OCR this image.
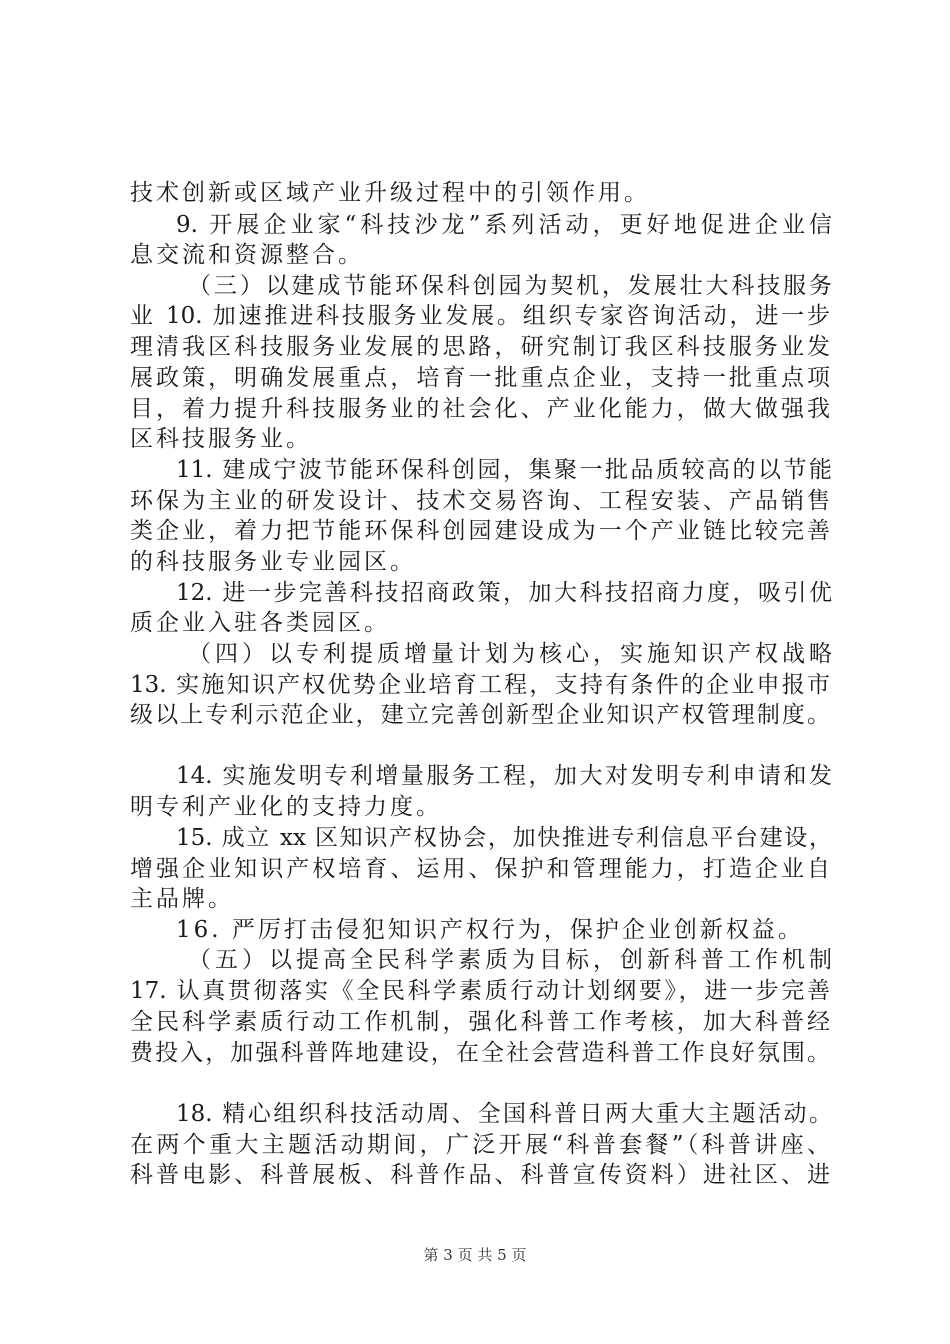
技术创新或区域产业升级过程中的引领作用。
9. 开展企业家“科技沙龙”系列活动，更好地促进企业信
息交流和资源整合。
（三）以建成节能环保科创园为契机，发展壮大科技服务
业 10. 加速推进科技服务业发展。组织专家咨询活动，进一步
理清我区科技服务业发展的思路，研究制订我区科技服务业发
展政策，明确发展重点，培育一批重点企业，支持一批重点项
目，着力提升科技服务业的社会化、产业化能力，做大做强我
区科技服务业。
11. 建成宁波节能环保科创园，集聚一批品质较高的以节能
环保为主业的研发设计、技术交易咨询、工程安装、产品销售
类企业，着力把节能环保科创园建设成为一个产业链比较完善
的科技服务业专业园区。
12. 进一步完善科技招商政策，加大科技招商力度，吸引优
质企业入驻各类园区。
（四）以专利提质增量计划为核心，实施知识产权战略
13. 实施知识产权优势企业培育工程，支持有条件的企业申报市
级以上专利示范企业，建立完善创新型企业知识产权管理制度。
14. 实施发明专利增量服务工程，加大对发明专利申请和发
明专利产业化的支持力度。
15. 成立 xx 区知识产权协会，加快推进专利信息平台建设，
增强企业知识产权培育、运用、保护和管理能力，打造企业自
主品牌。
16. 严厉打击侵犯知识产权行为，保护企业创新权益。
（五）以提高全民科学素质为目标，创新科普工作机制
17. 认真贯彻落实《全民科学素质行动计划纲要》，进一步完善
全民科学素质行动工作机制，强化科普工作考核，加大科普经
费投入，加强科普阵地建设，在全社会营造科普工作良好氛围。
18. 精心组织科技活动周、全国科普日两大重大主题活动。
在两个重大主题活动期间，广泛开展“科普套餐”（科普讲座、
科普电影、科普展板、科普作品、科普宣传资料）进社区、进
第 3 页 共 5 页
